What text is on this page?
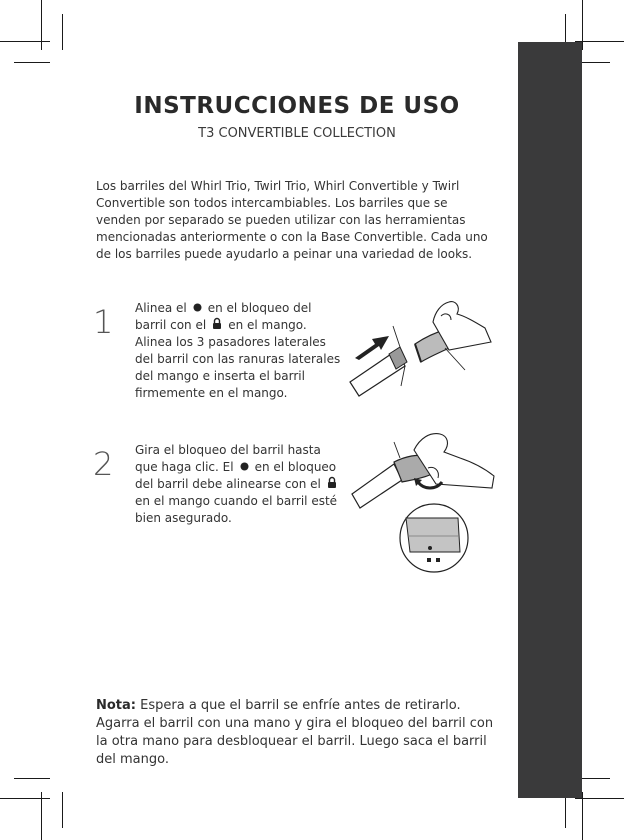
INSTRUCCIONES DE USO
T3 CONVERTIBLE COLLECTION
Los barriles del Whirl Trio, Twirl Trio, Whirl Convertible y Twirl Convertible son todos intercambiables. Los barriles que se venden por separado se pueden utilizar con las herramientas mencionadas anteriormente o con la Base Convertible. Cada uno de los barriles puede ayudarlo a peinar una variedad de looks.
1 Alinea el en el bloqueo del barril con el en el mango. Alinea los 3 pasadores laterales del barril con las ranuras laterales del mango e inserta el barril firmemente en el mango.
2 Gira el bloqueo del barril hasta que haga clic. El en el bloqueo del barril debe alinearse con elen el mango cuando el barril esté bien asegurado.
Nota: Espera a que el barril se enfríe antes de retirarlo. Agarra el barril con una mano y gira el bloqueo del barril con la otra mano para desbloquear el barril. Luego saca el barril del mango.
